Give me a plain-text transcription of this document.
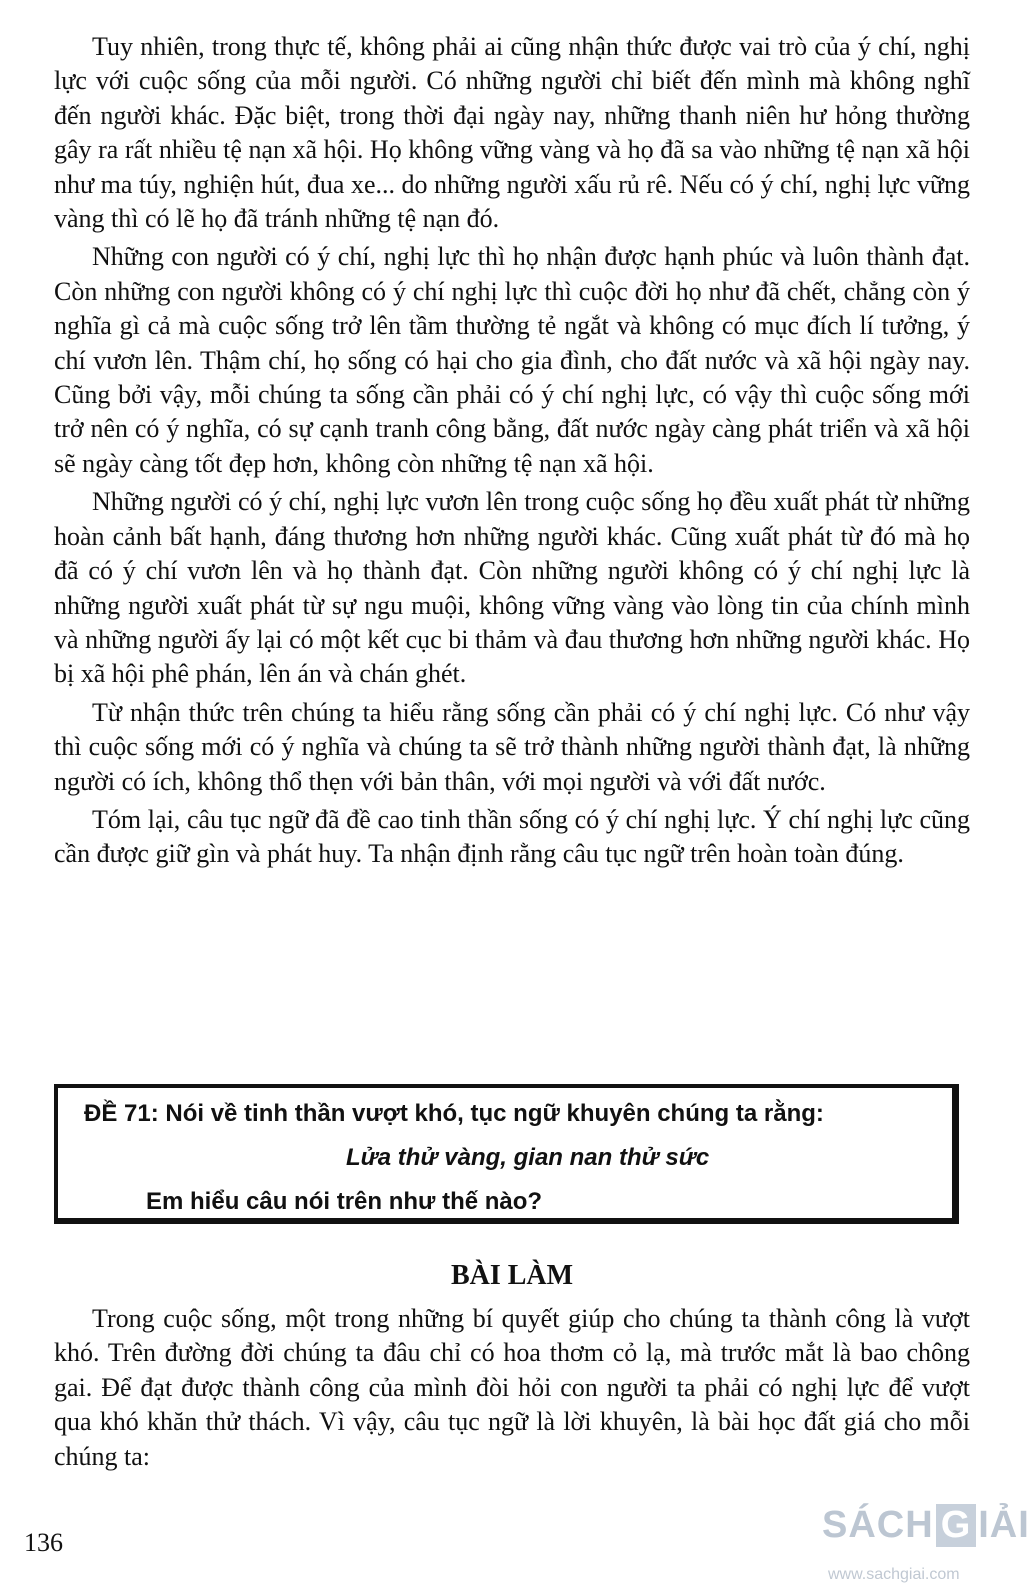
Tuy nhiên, trong thực tế, không phải ai cũng nhận thức được vai trò của ý chí, nghị lực với cuộc sống của mỗi người. Có những người chỉ biết đến mình mà không nghĩ đến người khác. Đặc biệt, trong thời đại ngày nay, những thanh niên hư hỏng thường gây ra rất nhiều tệ nạn xã hội. Họ không vững vàng và họ đã sa vào những tệ nạn xã hội như ma túy, nghiện hút, đua xe... do những người xấu rủ rê. Nếu có ý chí, nghị lực vững vàng thì có lẽ họ đã tránh những tệ nạn đó.

Những con người có ý chí, nghị lực thì họ nhận được hạnh phúc và luôn thành đạt. Còn những con người không có ý chí nghị lực thì cuộc đời họ như đã chết, chẳng còn ý nghĩa gì cả mà cuộc sống trở lên tầm thường tẻ ngắt và không có mục đích lí tưởng, ý chí vươn lên. Thậm chí, họ sống có hại cho gia đình, cho đất nước và xã hội ngày nay. Cũng bởi vậy, mỗi chúng ta sống cần phải có ý chí nghị lực, có vậy thì cuộc sống mới trở nên có ý nghĩa, có sự cạnh tranh công bằng, đất nước ngày càng phát triển và xã hội sẽ ngày càng tốt đẹp hơn, không còn những tệ nạn xã hội.

Những người có ý chí, nghị lực vươn lên trong cuộc sống họ đều xuất phát từ những hoàn cảnh bất hạnh, đáng thương hơn những người khác. Cũng xuất phát từ đó mà họ đã có ý chí vươn lên và họ thành đạt. Còn những người không có ý chí nghị lực là những người xuất phát từ sự ngu muội, không vững vàng vào lòng tin của chính mình và những người ấy lại có một kết cục bi thảm và đau thương hơn những người khác. Họ bị xã hội phê phán, lên án và chán ghét.

Từ nhận thức trên chúng ta hiểu rằng sống cần phải có ý chí nghị lực. Có như vậy thì cuộc sống mới có ý nghĩa và chúng ta sẽ trở thành những người thành đạt, là những người có ích, không thổ thẹn với bản thân, với mọi người và với đất nước.

Tóm lại, câu tục ngữ đã đề cao tinh thần sống có ý chí nghị lực. Ý chí nghị lực cũng cần được giữ gìn và phát huy. Ta nhận định rằng câu tục ngữ trên hoàn toàn đúng.

ĐỀ 71: Nói về tinh thần vượt khó, tục ngữ khuyên chúng ta rằng:
Lửa thử vàng, gian nan thử sức
Em hiểu câu nói trên như thế nào?
BÀI LÀM

Trong cuộc sống, một trong những bí quyết giúp cho chúng ta thành công là vượt khó. Trên đường đời chúng ta đâu chỉ có hoa thơm cỏ lạ, mà trước mắt là bao chông gai. Để đạt được thành công của mình đòi hỏi con người ta phải có nghị lực để vượt qua khó khăn thử thách. Vì vậy, câu tục ngữ là lời khuyên, là bài học đất giá cho mỗi chúng ta:

136	SÁCH G IẢI
www.sachgiai.com
